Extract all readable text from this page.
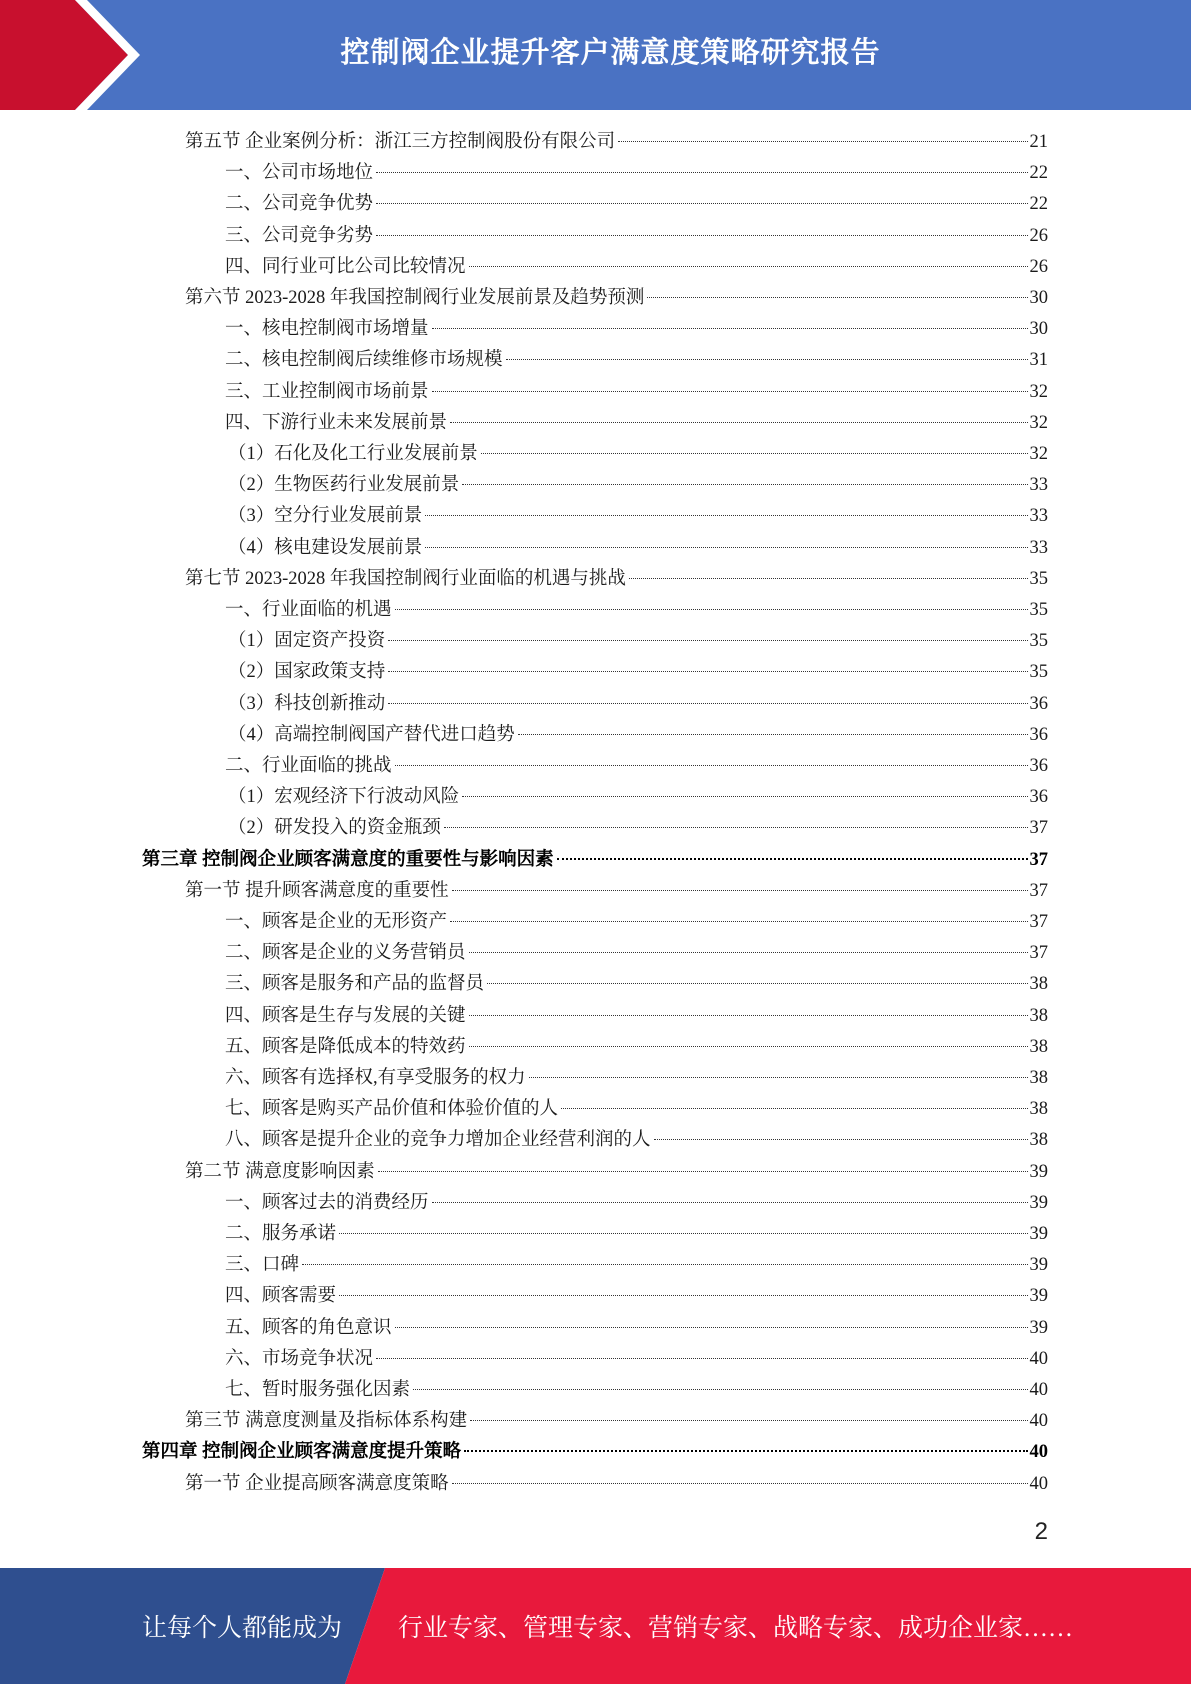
控制阀企业提升客户满意度策略研究报告
第五节 企业案例分析：浙江三方控制阀股份有限公司	21
一、公司市场地位	22
二、公司竞争优势	22
三、公司竞争劣势	26
四、同行业可比公司比较情况	26
第六节 2023-2028 年我国控制阀行业发展前景及趋势预测	30
一、核电控制阀市场增量	30
二、核电控制阀后续维修市场规模	31
三、工业控制阀市场前景	32
四、下游行业未来发展前景	32
（1）石化及化工行业发展前景	32
（2）生物医药行业发展前景	33
（3）空分行业发展前景	33
（4）核电建设发展前景	33
第七节 2023-2028 年我国控制阀行业面临的机遇与挑战	35
一、行业面临的机遇	35
（1）固定资产投资	35
（2）国家政策支持	35
（3）科技创新推动	36
（4）高端控制阀国产替代进口趋势	36
二、行业面临的挑战	36
（1）宏观经济下行波动风险	36
（2）研发投入的资金瓶颈	37
第三章 控制阀企业顾客满意度的重要性与影响因素	37
第一节 提升顾客满意度的重要性	37
一、顾客是企业的无形资产	37
二、顾客是企业的义务营销员	37
三、顾客是服务和产品的监督员	38
四、顾客是生存与发展的关键	38
五、顾客是降低成本的特效药	38
六、顾客有选择权,有享受服务的权力	38
七、顾客是购买产品价值和体验价值的人	38
八、顾客是提升企业的竞争力增加企业经营利润的人	38
第二节 满意度影响因素	39
一、顾客过去的消费经历	39
二、服务承诺	39
三、口碑	39
四、顾客需要	39
五、顾客的角色意识	39
六、市场竞争状况	40
七、暂时服务强化因素	40
第三节 满意度测量及指标体系构建	40
第四章 控制阀企业顾客满意度提升策略	40
第一节 企业提高顾客满意度策略	40
2
让每个人都能成为 行业专家、管理专家、营销专家、战略专家、成功企业家……
